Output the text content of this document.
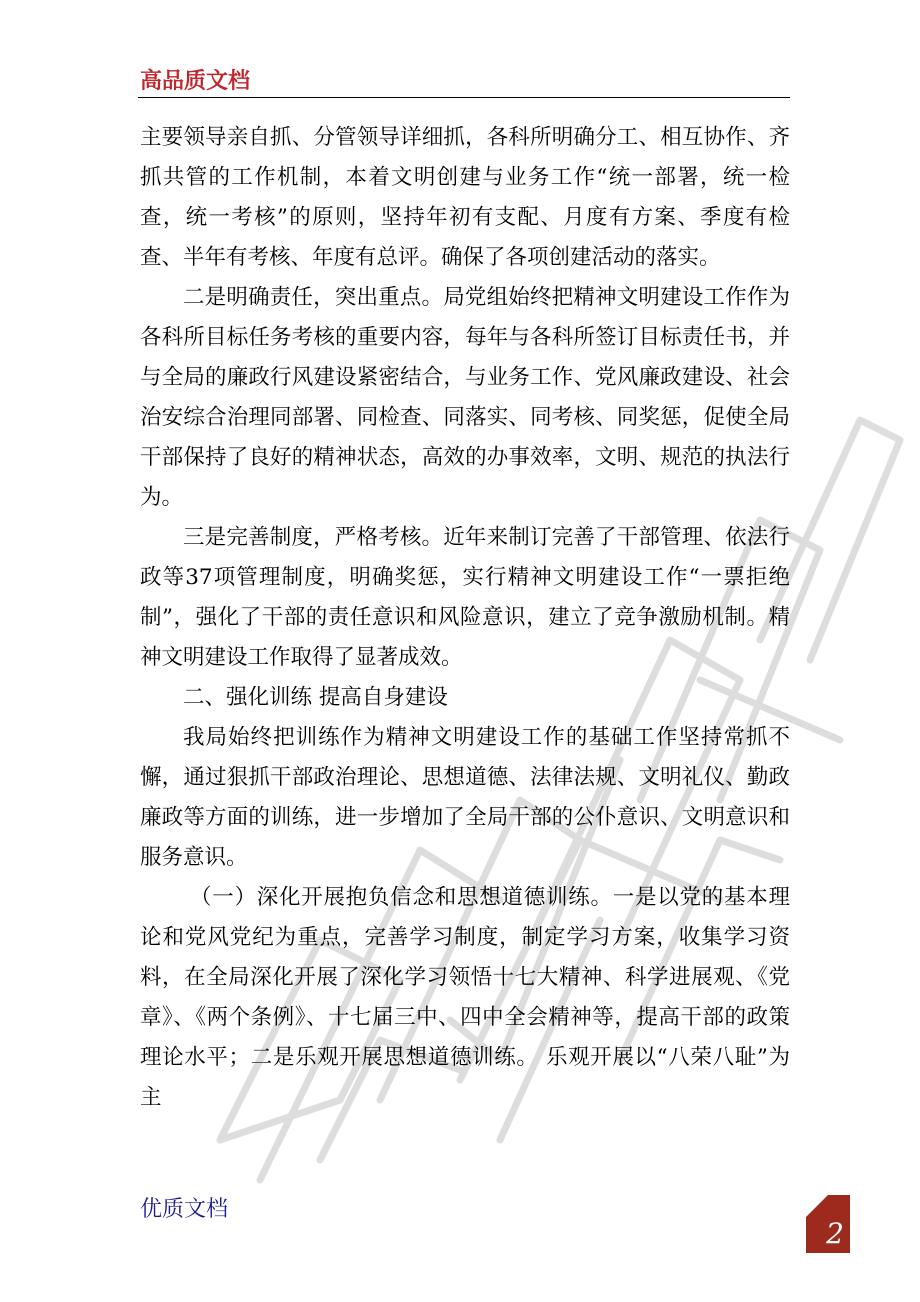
高品质文档

主要领导亲自抓、分管领导详细抓，各科所明确分工、相互协作、齐抓共管的工作机制，本着文明创建与业务工作“统一部署，统一检查，统一考核”的原则，坚持年初有支配、月度有方案、季度有检查、半年有考核、年度有总评。确保了各项创建活动的落实。

二是明确责任，突出重点。局党组始终把精神文明建设工作作为各科所目标任务考核的重要内容，每年与各科所签订目标责任书，并与全局的廉政行风建设紧密结合，与业务工作、党风廉政建设、社会治安综合治理同部署、同检查、同落实、同考核、同奖惩，促使全局干部保持了良好的精神状态，高效的办事效率，文明、规范的执法行为。

三是完善制度，严格考核。近年来制订完善了干部管理、依法行政等37项管理制度，明确奖惩，实行精神文明建设工作“一票拒绝制”，强化了干部的责任意识和风险意识，建立了竞争激励机制。精神文明建设工作取得了显著成效。

二、强化训练 提高自身建设

我局始终把训练作为精神文明建设工作的基础工作坚持常抓不懈，通过狠抓干部政治理论、思想道德、法律法规、文明礼仪、勤政廉政等方面的训练，进一步增加了全局干部的公仆意识、文明意识和服务意识。

（一）深化开展抱负信念和思想道德训练。一是以党的基本理论和党风党纪为重点，完善学习制度，制定学习方案，收集学习资料，在全局深化开展了深化学习领悟十七大精神、科学进展观、《党章》、《两个条例》、十七届三中、四中全会精神等，提高干部的政策理论水平；二是乐观开展思想道德训练。 乐观开展以“八荣八耻”为主

优质文档
2
